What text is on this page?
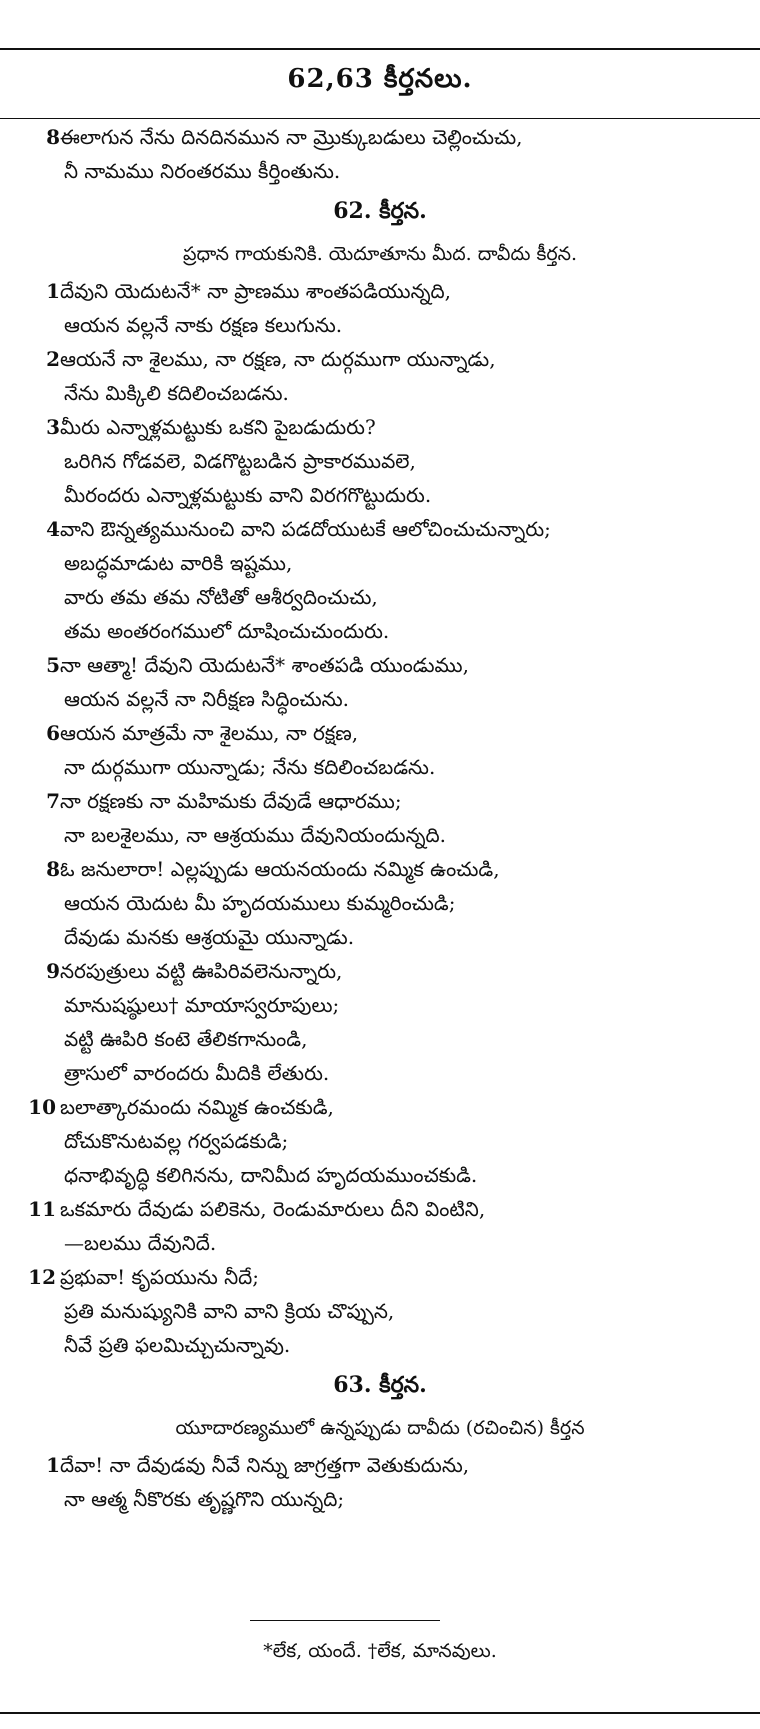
62,63 కీర్తనలు.
8 ఈలాగున నేను దినదినమున నా మ్రొక్కుబడులు చెల్లించుచు,
నీ నామము నిరంతరము కీర్తింతును.
62. కీర్తన.
ప్రధాన గాయకునికి. యెదూతూను మీద. దావీదు కీర్తన.
1 దేవుని యెదుటనే* నా ప్రాణము శాంతపడియున్నది,
ఆయన వల్లనే నాకు రక్షణ కలుగును.
2 ఆయనే నా శైలము, నా రక్షణ, నా దుర్గముగా యున్నాడు,
నేను మిక్కిలి కదిలించబడను.
3 మీరు ఎన్నాళ్లమట్టుకు ఒకని పైబడుదురు?
ఒరిగిన గోడవలె, విడగొట్టబడిన ప్రాకారమువలె,
మీరందరు ఎన్నాళ్లమట్టుకు వాని విరగగొట్టుదురు.
4 వాని ఔన్నత్యమునుంచి వాని పడదోయుటకే ఆలోచించుచున్నారు;
అబద్ధమాడుట వారికి ఇష్టము,
వారు తమ తమ నోటితో ఆశీర్వదించుచు,
తమ అంతరంగములో దూషించుచుందురు.
5 నా ఆత్మా! దేవుని యెదుటనే* శాంతపడి యుండుము,
ఆయన వల్లనే నా నిరీక్షణ సిద్ధించును.
6 ఆయన మాత్రమే నా శైలము, నా రక్షణ,
నా దుర్గముగా యున్నాడు; నేను కదిలించబడను.
7 నా రక్షణకు నా మహిమకు దేవుడే ఆధారము;
నా బలశైలము, నా ఆశ్రయము దేవునియందున్నది.
8 ఓ జనులారా! ఎల్లప్పుడు ఆయనయందు నమ్మిక ఉంచుడి,
ఆయన యెదుట మీ హృదయములు కుమ్మరించుడి;
దేవుడు మనకు ఆశ్రయమై యున్నాడు.
9 నరపుత్రులు వట్టి ఊపిరివలెనున్నారు,
మానుషష్ఠులు† మాయాస్వరూపులు;
వట్టి ఊపిరి కంటె తేలికగానుండి,
త్రాసులో వారందరు మీదికి లేతురు.
10 బలాత్కారమందు నమ్మిక ఉంచకుడి,
దోచుకొనుటవల్ల గర్వపడకుడి;
ధనాభివృద్ధి కలిగినను, దానిమీద హృదయముంచకుడి.
11 ఒకమారు దేవుడు పలికెను, రెండుమారులు దీని వింటిని,
—బలము దేవునిదే.
12 ప్రభువా! కృపయును నీదే;
ప్రతి మనుష్యునికి వాని వాని క్రియ చొప్పున,
నీవే ప్రతి ఫలమిచ్చుచున్నావు.
63. కీర్తన.
యూదారణ్యములో ఉన్నప్పుడు దావీదు (రచించిన) కీర్తన
1 దేవా! నా దేవుడవు నీవే నిన్ను జాగ్రత్తగా వెతుకుదును,
నా ఆత్మ నీకొరకు తృష్ణగొని యున్నది;
*లేక, యందే. †లేక, మానవులు.
